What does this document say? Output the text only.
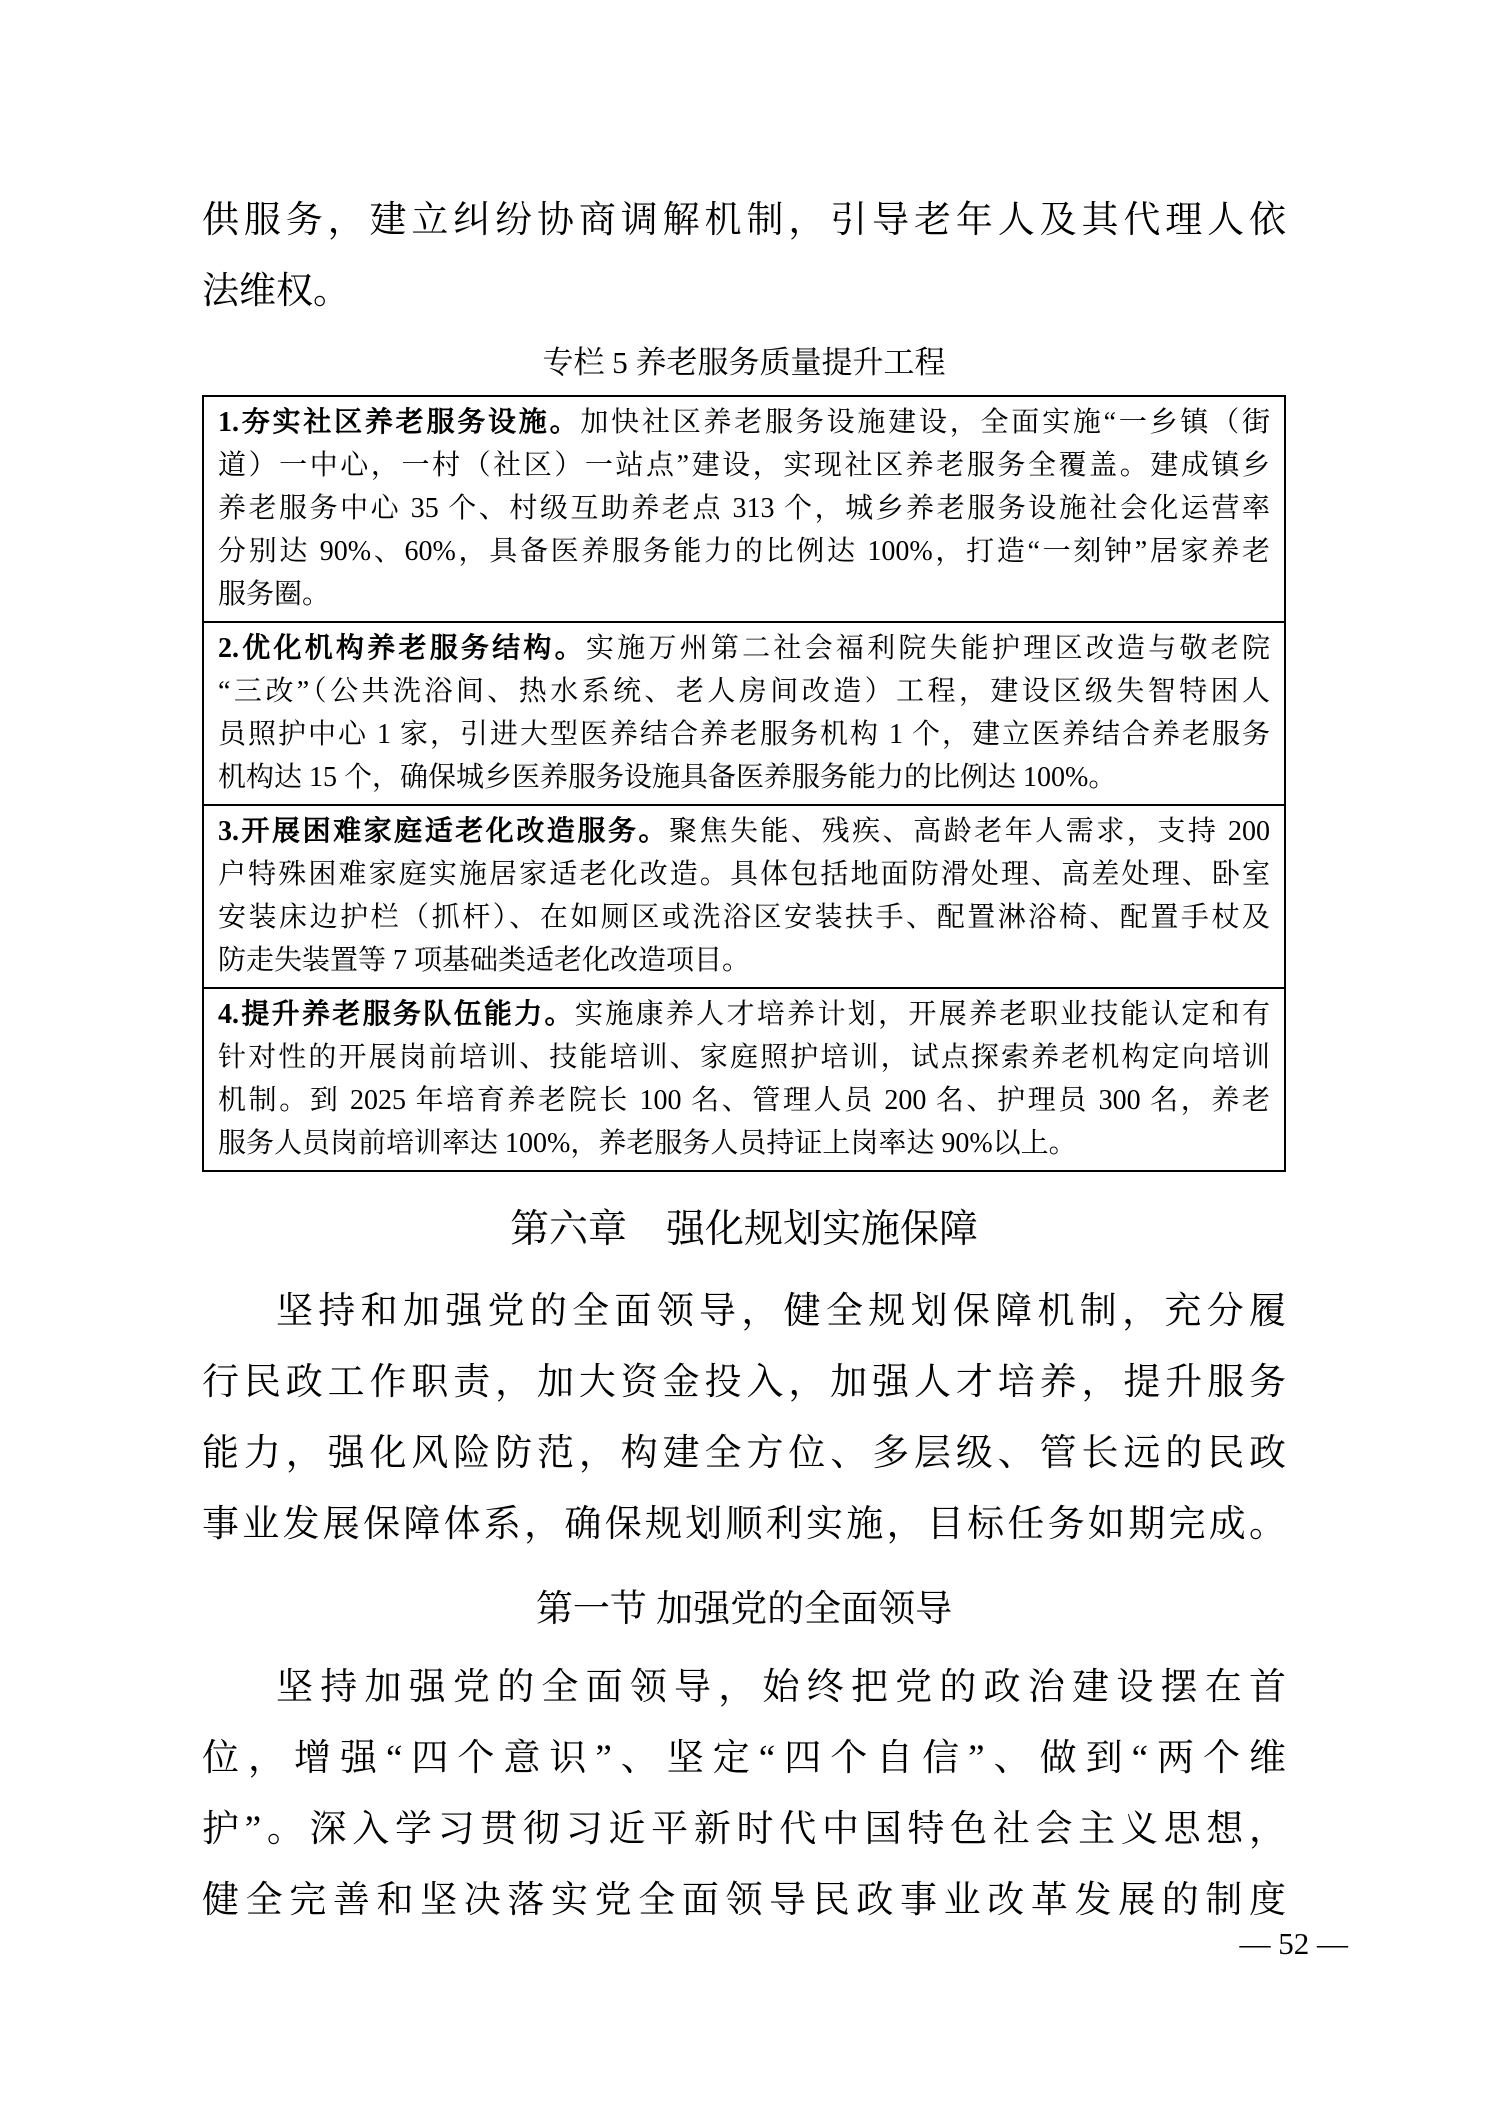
供服务，建立纠纷协商调解机制，引导老年人及其代理人依
法维权。
专栏 5 养老服务质量提升工程
1.夯实社区养老服务设施。加快社区养老服务设施建设，全面实施“一乡镇（街
道）一中心，一村（社区）一站点”建设，实现社区养老服务全覆盖。建成镇乡
养老服务中心 35 个、村级互助养老点 313 个，城乡养老服务设施社会化运营率
分别达 90%、60%，具备医养服务能力的比例达 100%，打造“一刻钟”居家养老
服务圈。
2.优化机构养老服务结构。实施万州第二社会福利院失能护理区改造与敬老院
“三改”（公共洗浴间、热水系统、老人房间改造）工程，建设区级失智特困人
员照护中心 1 家，引进大型医养结合养老服务机构 1 个，建立医养结合养老服务
机构达 15 个，确保城乡医养服务设施具备医养服务能力的比例达 100%。
3.开展困难家庭适老化改造服务。聚焦失能、残疾、高龄老年人需求，支持 200
户特殊困难家庭实施居家适老化改造。具体包括地面防滑处理、高差处理、卧室
安装床边护栏（抓杆）、在如厕区或洗浴区安装扶手、配置淋浴椅、配置手杖及
防走失装置等 7 项基础类适老化改造项目。
4.提升养老服务队伍能力。实施康养人才培养计划，开展养老职业技能认定和有
针对性的开展岗前培训、技能培训、家庭照护培训，试点探索养老机构定向培训
机制。到 2025 年培育养老院长 100 名、管理人员 200 名、护理员 300 名，养老
服务人员岗前培训率达 100%，养老服务人员持证上岗率达 90%以上。
第六章　强化规划实施保障
坚持和加强党的全面领导，健全规划保障机制，充分履
行民政工作职责，加大资金投入，加强人才培养，提升服务
能力，强化风险防范，构建全方位、多层级、管长远的民政
事业发展保障体系，确保规划顺利实施，目标任务如期完成。
第一节 加强党的全面领导
坚持加强党的全面领导，始终把党的政治建设摆在首
位，增强“四个意识”、坚定“四个自信”、做到“两个维
护”。深入学习贯彻习近平新时代中国特色社会主义思想，
健全完善和坚决落实党全面领导民政事业改革发展的制度
— 52 —
